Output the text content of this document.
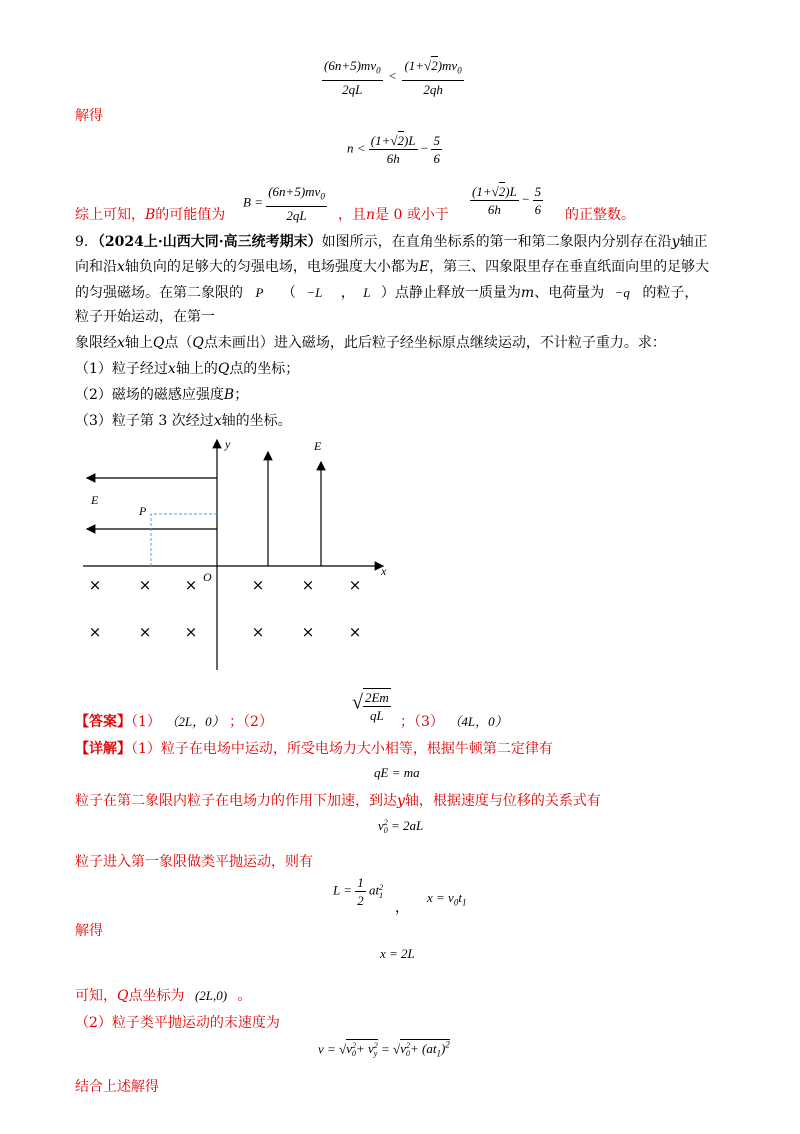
$\frac{(6n+5)mv_0}{2qL} < \frac{(1+√2)mv_0}{2qh}$
解得
$n < \frac{(1+√2)L}{6h} - \frac{5}{6}$
$B = \frac{(6n+5)mv_0}{2qL}$
综上可知，B的可能值为	，且n是 0 或小于 $\frac{(1+√2)L}{6h} - \frac{5}{6}$ 的正整数。
9．（2024上·山西大同·高三统考期末）如图所示，在直角坐标系的第一和第二象限内分别存在沿y轴正
向和沿x轴负向的足够大的匀强电场，电场强度大小都为E，第三、四象限里存在垂直纸面向里的足够大
的匀强磁场。在第二象限的 P （ −L ， L ）点静止释放一质量为m、电荷量为 −q 的粒子，
粒子开始运动，在第一
象限经x轴上Q点（Q点未画出）进入磁场，此后粒子经坐标原点继续运动，不计粒子重力。求：
（1）粒子经过x轴上的Q点的坐标；
（2）磁场的磁感应强度B；
（3）粒子第 3 次经过x轴的坐标。
y
x
E
E
P
O
× × ×	× × ×
× × ×	× × ×
【答案】（1） （2L，0） ；（2）
√ $\frac{2Em}{qL}$ ；（3） （4L，0）
【详解】（1）粒子在电场中运动，所受电场力大小相等，根据牛顿第二定律有
qE = ma
粒子在第二象限内粒子在电场力的作用下加速，到达y轴，根据速度与位移的关系式有
v 2
0 = 2aL
粒子进入第一象限做类平抛运动，则有
$L = \frac{1}{2}$ at 2
1
，
$x = v_0t_1$
解得
x = 2L
可知，Q点坐标为 (2L,0) 。
（2）粒子类平抛运动的末速度为
v = √v 2
0 + v 2
y = √v 2
$0 + (at_1)^2$
结合上述解得
